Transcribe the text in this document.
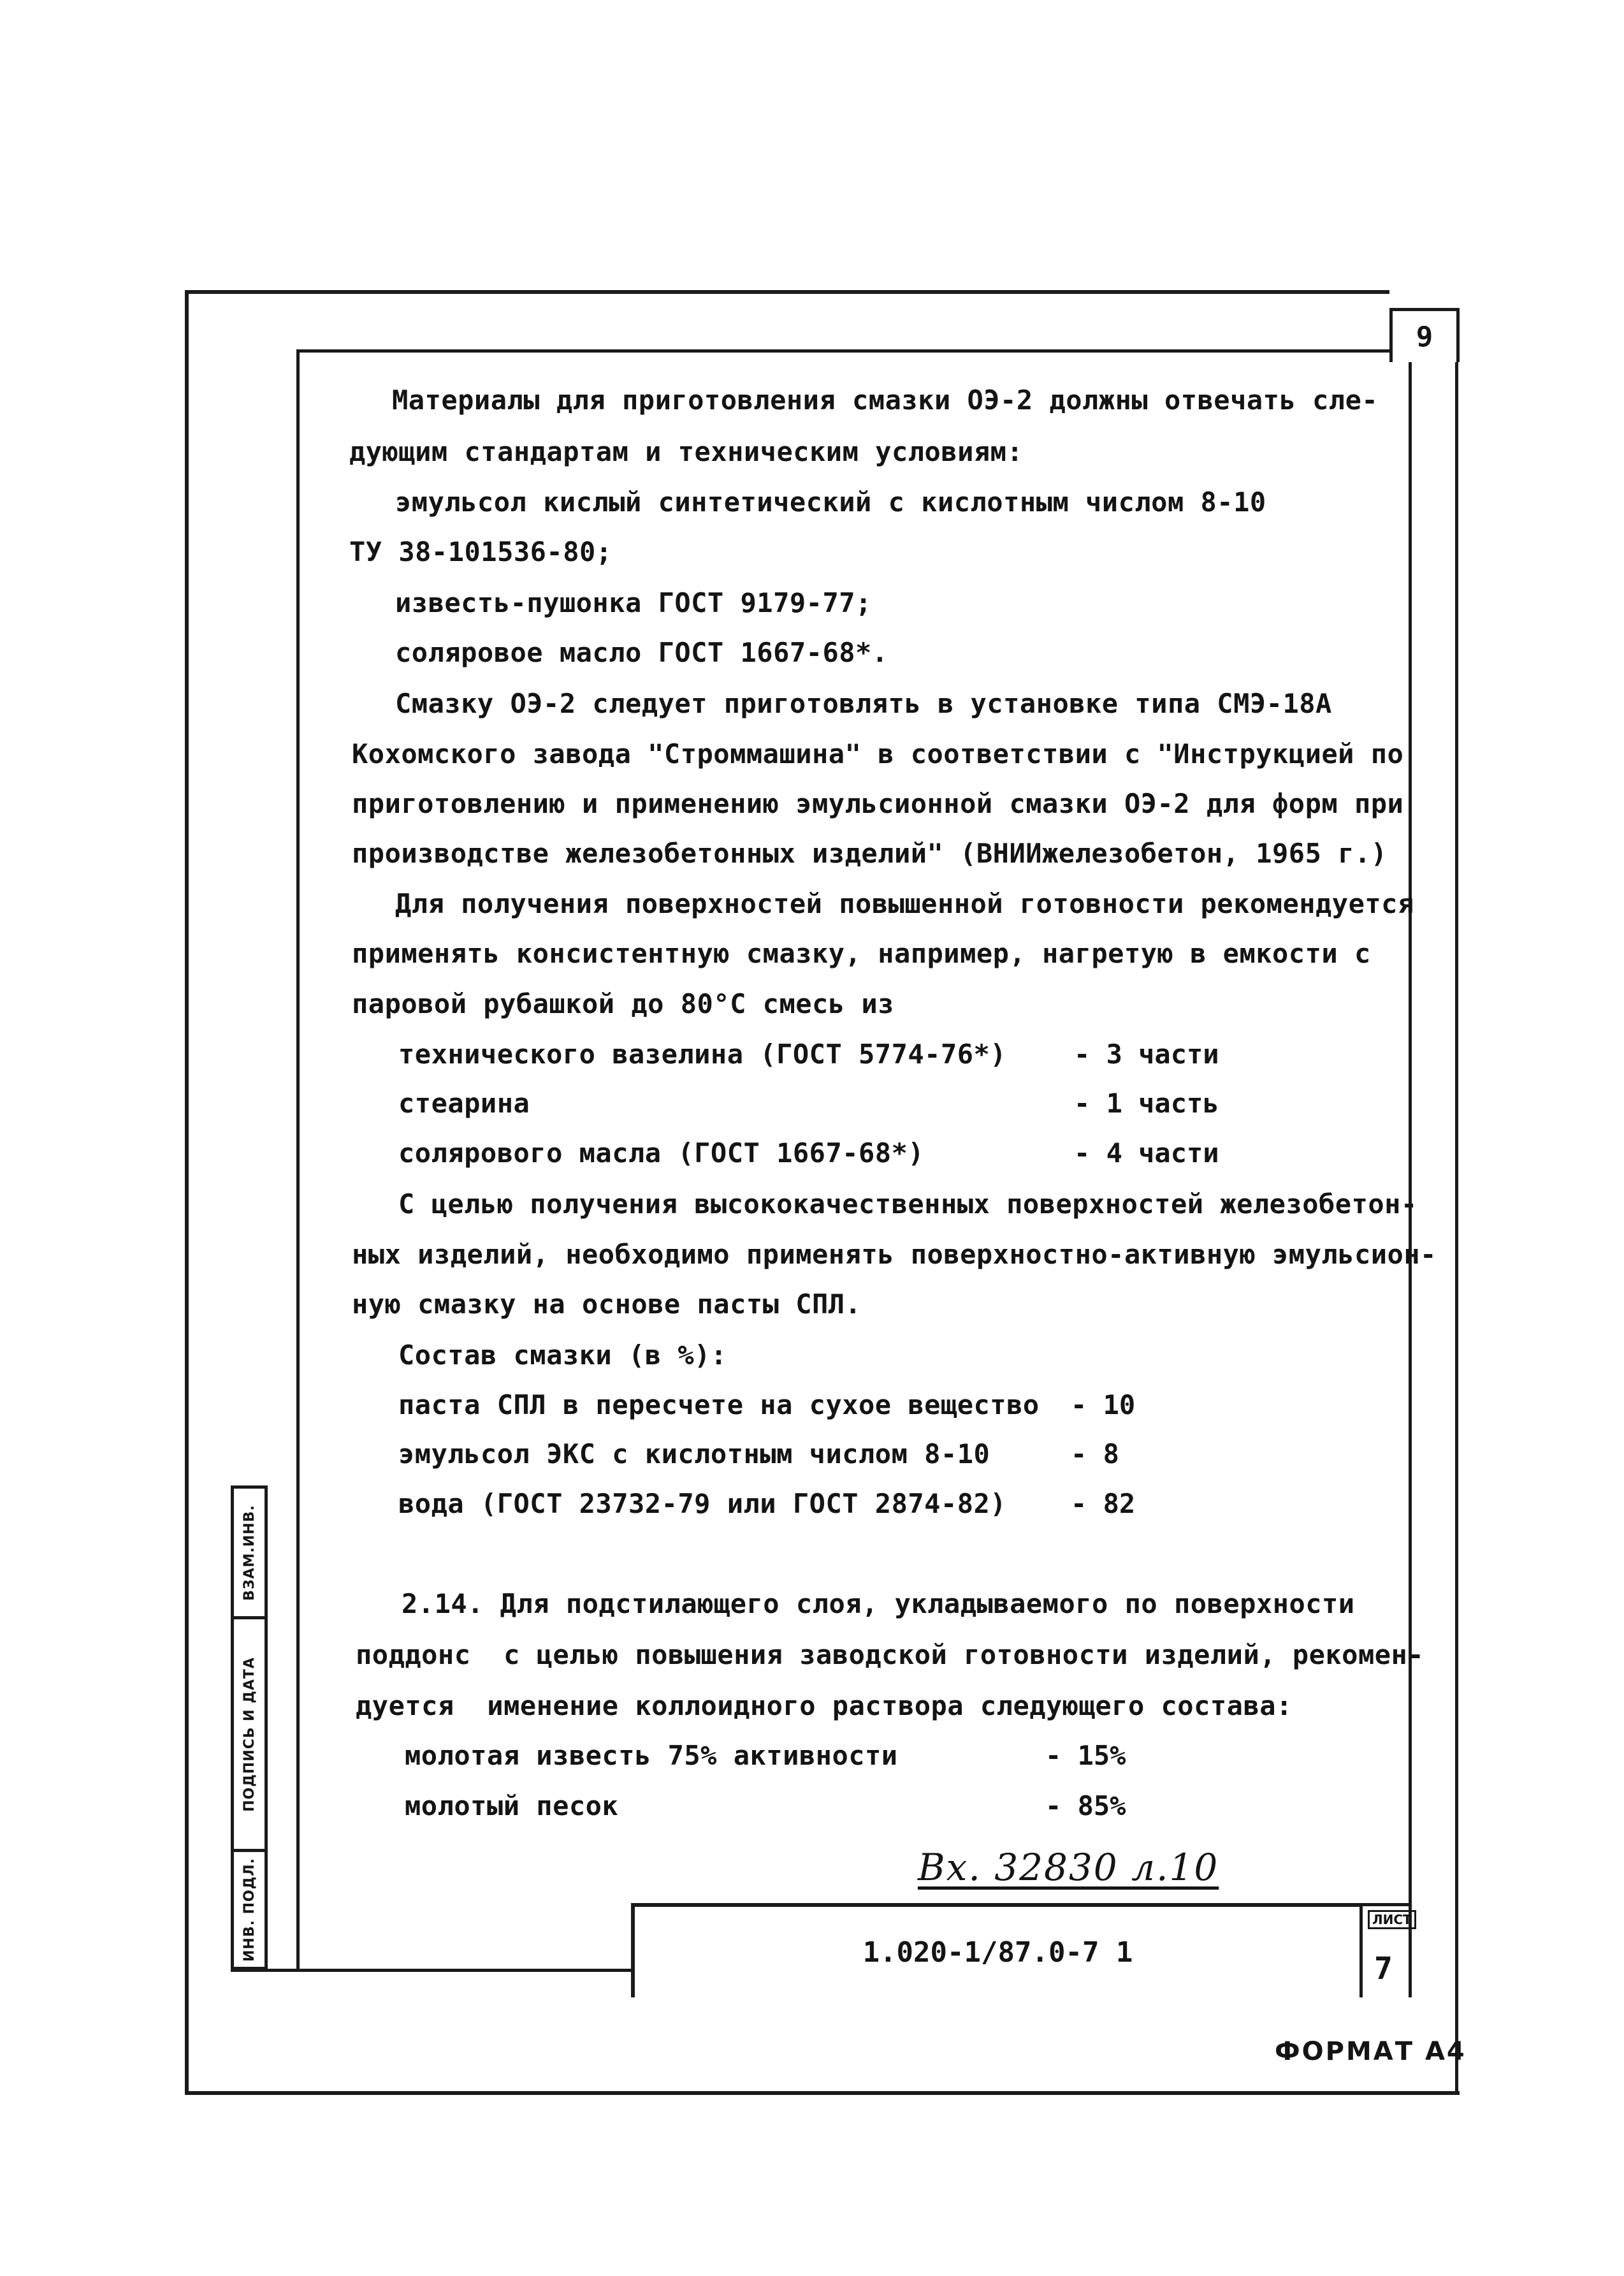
9
Материалы для приготовления смазки ОЭ-2 должны отвечать сле-
дующим стандартам и техническим условиям:
эмульсол кислый синтетический с кислотным числом 8-10
ТУ 38-101536-80;
известь-пушонка ГОСТ 9179-77;
соляровое масло ГОСТ 1667-68*.
Смазку ОЭ-2 следует приготовлять в установке типа СМЭ-18А
Кохомского завода "Строммашина" в соответствии с "Инструкцией по
приготовлению и применению эмульсионной смазки ОЭ-2 для форм при
производстве железобетонных изделий" (ВНИИжелезобетон, 1965 г.)
Для получения поверхностей повышенной готовности рекомендуется
применять консистентную смазку, например, нагретую в емкости с
паровой рубашкой до 80°С смесь из
технического вазелина (ГОСТ 5774-76*)	- 3 части
стеарина	- 1 часть
солярового масла (ГОСТ 1667-68*)	- 4 части
С целью получения высококачественных поверхностей железобетон-
ных изделий, необходимо применять поверхностно-активную эмульсион-
ную смазку на основе пасты СПЛ.
Состав смазки (в %):
паста СПЛ в пересчете на сухое вещество - 10
эмульсол ЭКС с кислотным числом 8-10	- 8
вода (ГОСТ 23732-79 или ГОСТ 2874-82) - 82
2.14. Для подстилающего слоя, укладываемого по поверхности
поддонс  с целью повышения заводской готовности изделий, рекомен-
дуется  именение коллоидного раствора следующего состава:
молотая известь 75% активности	- 15%
молотый песок	- 85%
ВЗАМ.ИНВ.
ПОДПИСЬ И ДАТА
ИНВ. ПОДЛ.	Вх. 32830 л.10
1.020-1/87.0-7 1
ЛИСТ
7
ФОРМАТ А4
